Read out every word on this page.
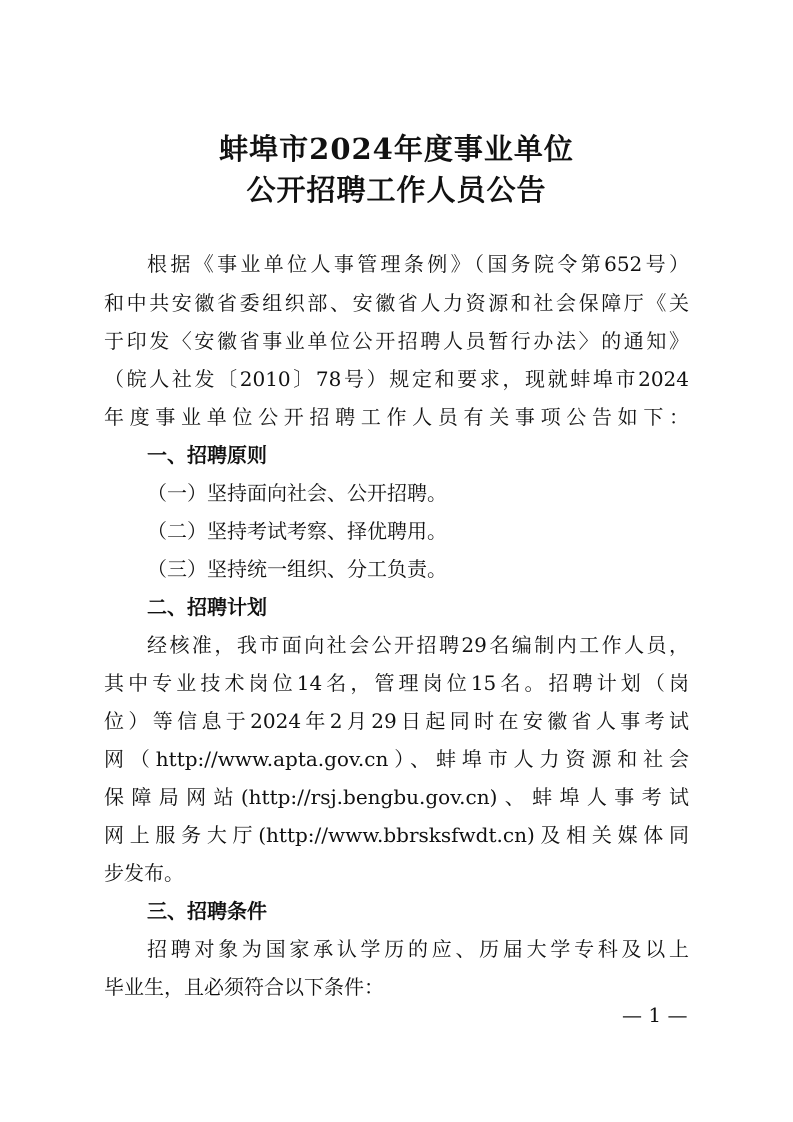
蚌埠市2024年度事业单位
公开招聘工作人员公告
根据《事业单位人事管理条例》（国务院令第652号）
和中共安徽省委组织部、安徽省人力资源和社会保障厅《关
于印发〈安徽省事业单位公开招聘人员暂行办法〉的通知》
（皖人社发〔2010〕78号）规定和要求，现就蚌埠市2024
年度事业单位公开招聘工作人员有关事项公告如下：
一、招聘原则
（一）坚持面向社会、公开招聘。
（二）坚持考试考察、择优聘用。
（三）坚持统一组织、分工负责。
二、招聘计划
经核准，我市面向社会公开招聘29名编制内工作人员，
其中专业技术岗位14名，管理岗位15名。招聘计划（岗
位）等信息于2024年2月29日起同时在安徽省人事考试
网（http://www.apta.gov.cn）、蚌埠市人力资源和社会
保障局网站(http://rsj.bengbu.gov.cn)、蚌埠人事考试
网上服务大厅(http://www.bbrsksfwdt.cn)及相关媒体同
步发布。
三、招聘条件
招聘对象为国家承认学历的应、历届大学专科及以上
毕业生，且必须符合以下条件：
— 1 —
